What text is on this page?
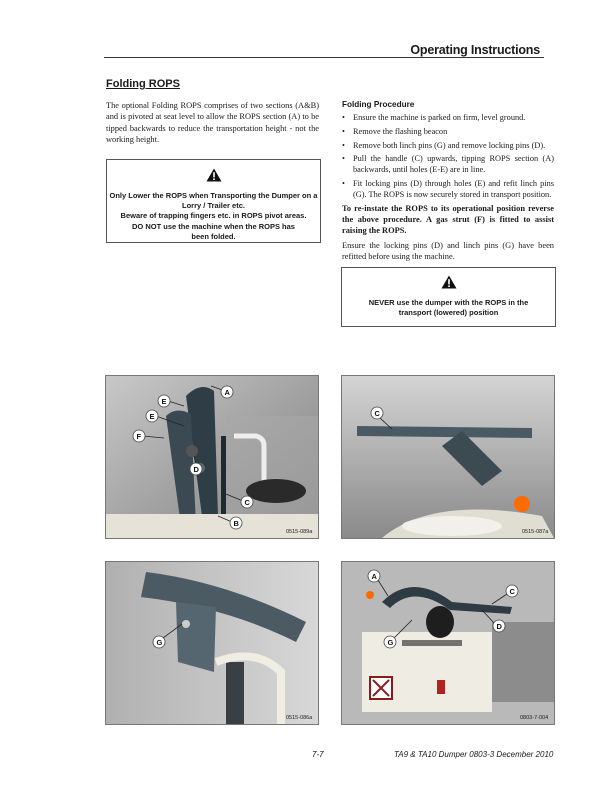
Operating Instructions
Folding ROPS
The optional Folding ROPS comprises of two sections (A&B) and is pivoted at seat level to allow the ROPS section (A) to be tipped backwards to reduce the transportation height - not the working height.
Only Lower the ROPS when Transporting the Dumper on a Lorry / Trailer etc.
Beware of trapping fingers etc. in ROPS pivot areas.
DO NOT use the machine when the ROPS has been folded.
Folding Procedure
• Ensure the machine is parked on firm, level ground.
• Remove the flashing beacon
• Remove both linch pins (G) and remove locking pins (D).
• Pull the handle (C) upwards, tipping ROPS section (A) backwards, until holes (E-E) are in line.
• Fit locking pins (D) through holes (E) and refit linch pins (G). The ROPS is now securely stored in transport position.
To re-instate the ROPS to its operational position reverse the above procedure. A gas strut (F) is fitted to assist raising the ROPS.
Ensure the locking pins (D) and linch pins (G) have been refitted before using the machine.
NEVER use the dumper with the ROPS in the transport (lowered) position
A
E
E
F
D
C
B
0515-089a
C
0515-087a
G
0515-086a
A
C
D
G
0803-7-004
7-7	TA9 & TA10 Dumper 0803-3 December 2010
